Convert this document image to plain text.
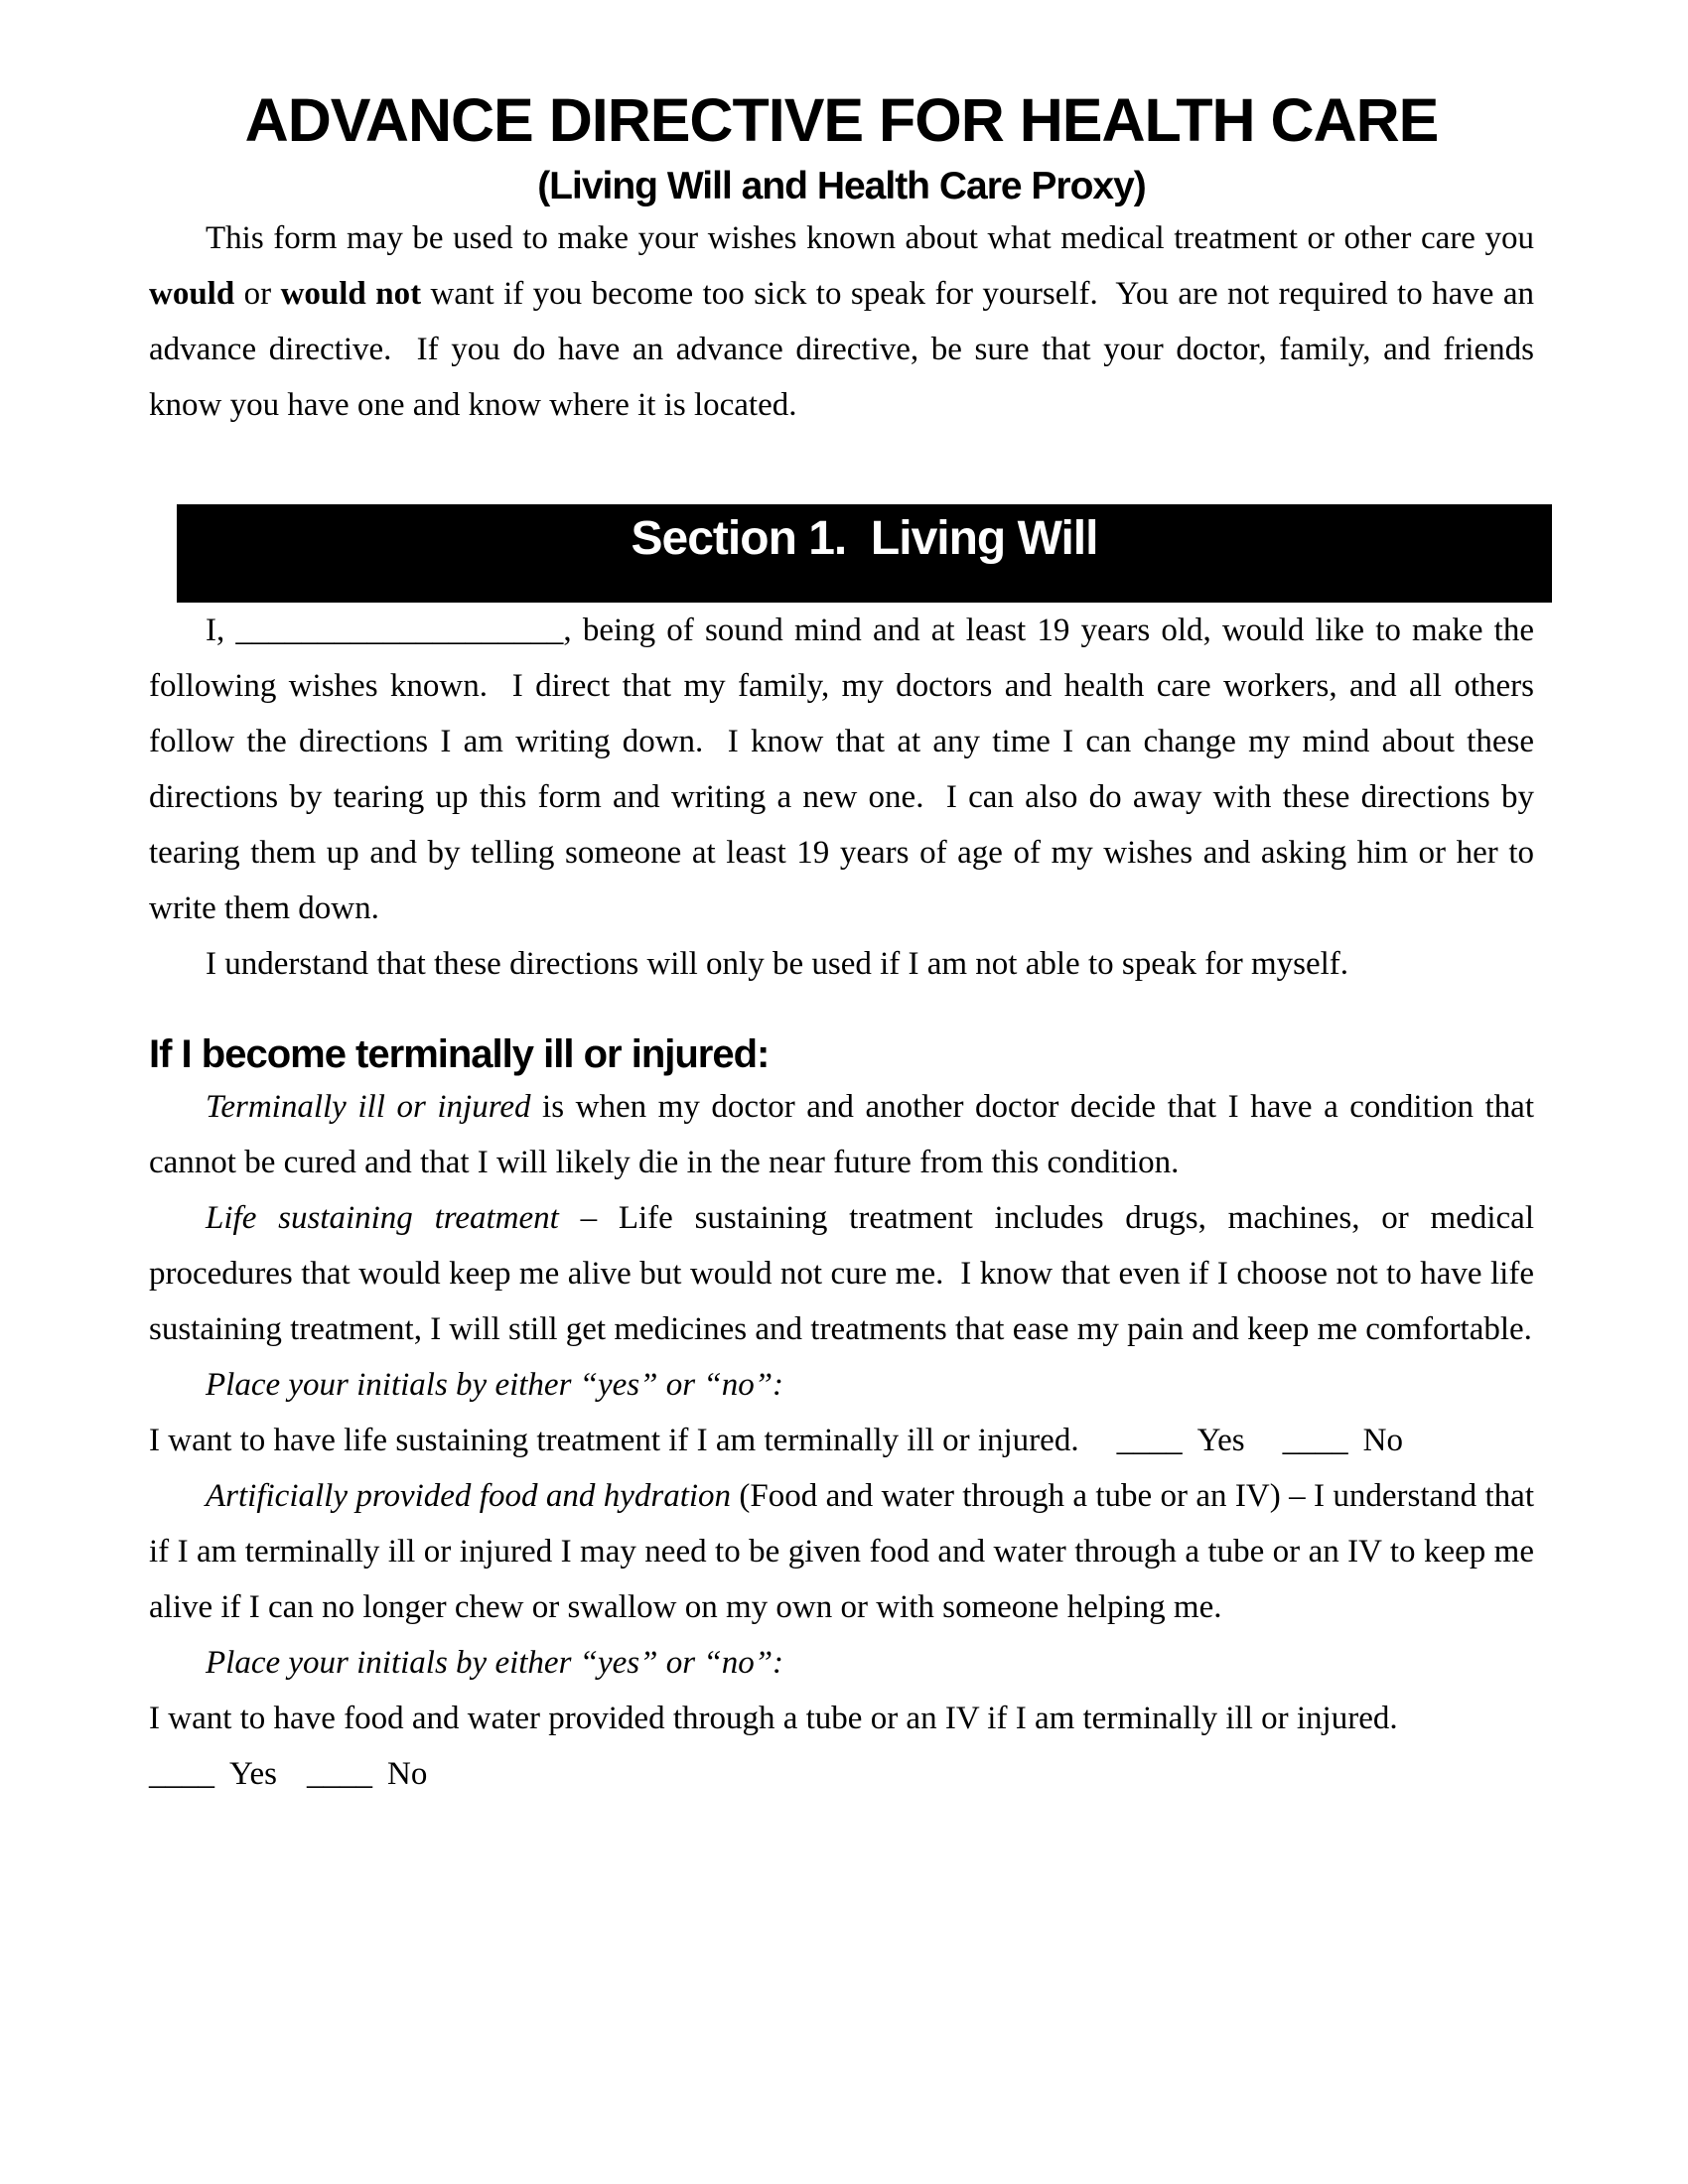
ADVANCE DIRECTIVE FOR HEALTH CARE
(Living Will and Health Care Proxy)

This form may be used to make your wishes known about what medical treatment or other care you would or would not want if you become too sick to speak for yourself.  You are not required to have an advance directive.  If you do have an advance directive, be sure that your doctor, family, and friends know you have one and know where it is located.

Section 1.  Living Will

I, ____________________, being of sound mind and at least 19 years old, would like to make the following wishes known.  I direct that my family, my doctors and health care workers, and all others follow the directions I am writing down.  I know that at any time I can change my mind about these directions by tearing up this form and writing a new one.  I can also do away with these directions by tearing them up and by telling someone at least 19 years of age of my wishes and asking him or her to write them down.

I understand that these directions will only be used if I am not able to speak for myself.

If I become terminally ill or injured:

Terminally ill or injured is when my doctor and another doctor decide that I have a condition that cannot be cured and that I will likely die in the near future from this condition.

Life sustaining treatment – Life sustaining treatment includes drugs, machines, or medical procedures that would keep me alive but would not cure me.  I know that even if I choose not to have life sustaining treatment, I will still get medicines and treatments that ease my pain and keep me comfortable.

Place your initials by either “yes” or “no”:

I want to have life sustaining treatment if I am terminally ill or injured. ____ Yes ____ No

Artificially provided food and hydration (Food and water through a tube or an IV) – I understand that if I am terminally ill or injured I may need to be given food and water through a tube or an IV to keep me alive if I can no longer chew or swallow on my own or with someone helping me.

Place your initials by either “yes” or “no”:

I want to have food and water provided through a tube or an IV if I am terminally ill or injured.

____ Yes ____ No
